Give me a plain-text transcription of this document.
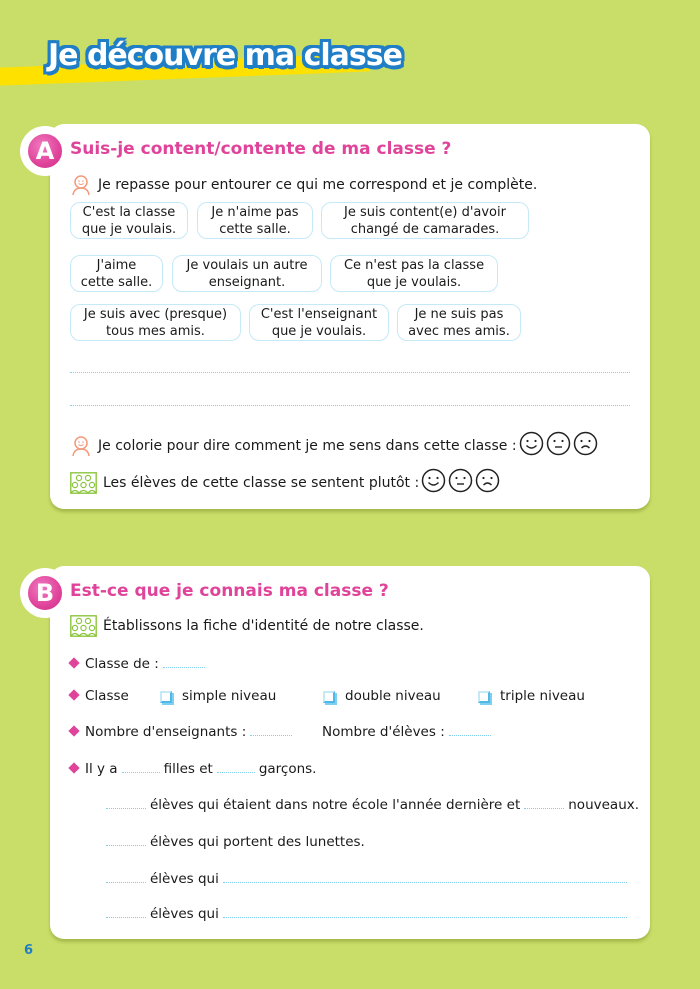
Je découvre ma classe
A Suis-je content/contente de ma classe ?
Je repasse pour entourer ce qui me correspond et je complète.
C'est la classe
que je voulais.
Je n'aime pas
cette salle.
Je suis content(e) d'avoir
changé de camarades.
J'aime
cette salle.
Je voulais un autre
enseignant.
Ce n'est pas la classe
que je voulais.
Je suis avec (presque)
tous mes amis.
C'est l'enseignant
que je voulais.
Je ne suis pas
avec mes amis.
Je colorie pour dire comment je me sens dans cette classe :
Les élèves de cette classe se sentent plutôt :
B Est-ce que je connais ma classe ?
Établissons la fiche d'identité de notre classe.
Classe de :
Classe	simple niveau	double niveau	triple niveau
Nombre d'enseignants :	Nombre d'élèves :
Il y a	filles et	garçons.
élèves qui étaient dans notre école l'année dernière et	nouveaux.
élèves qui portent des lunettes.
élèves qui
élèves qui
6
